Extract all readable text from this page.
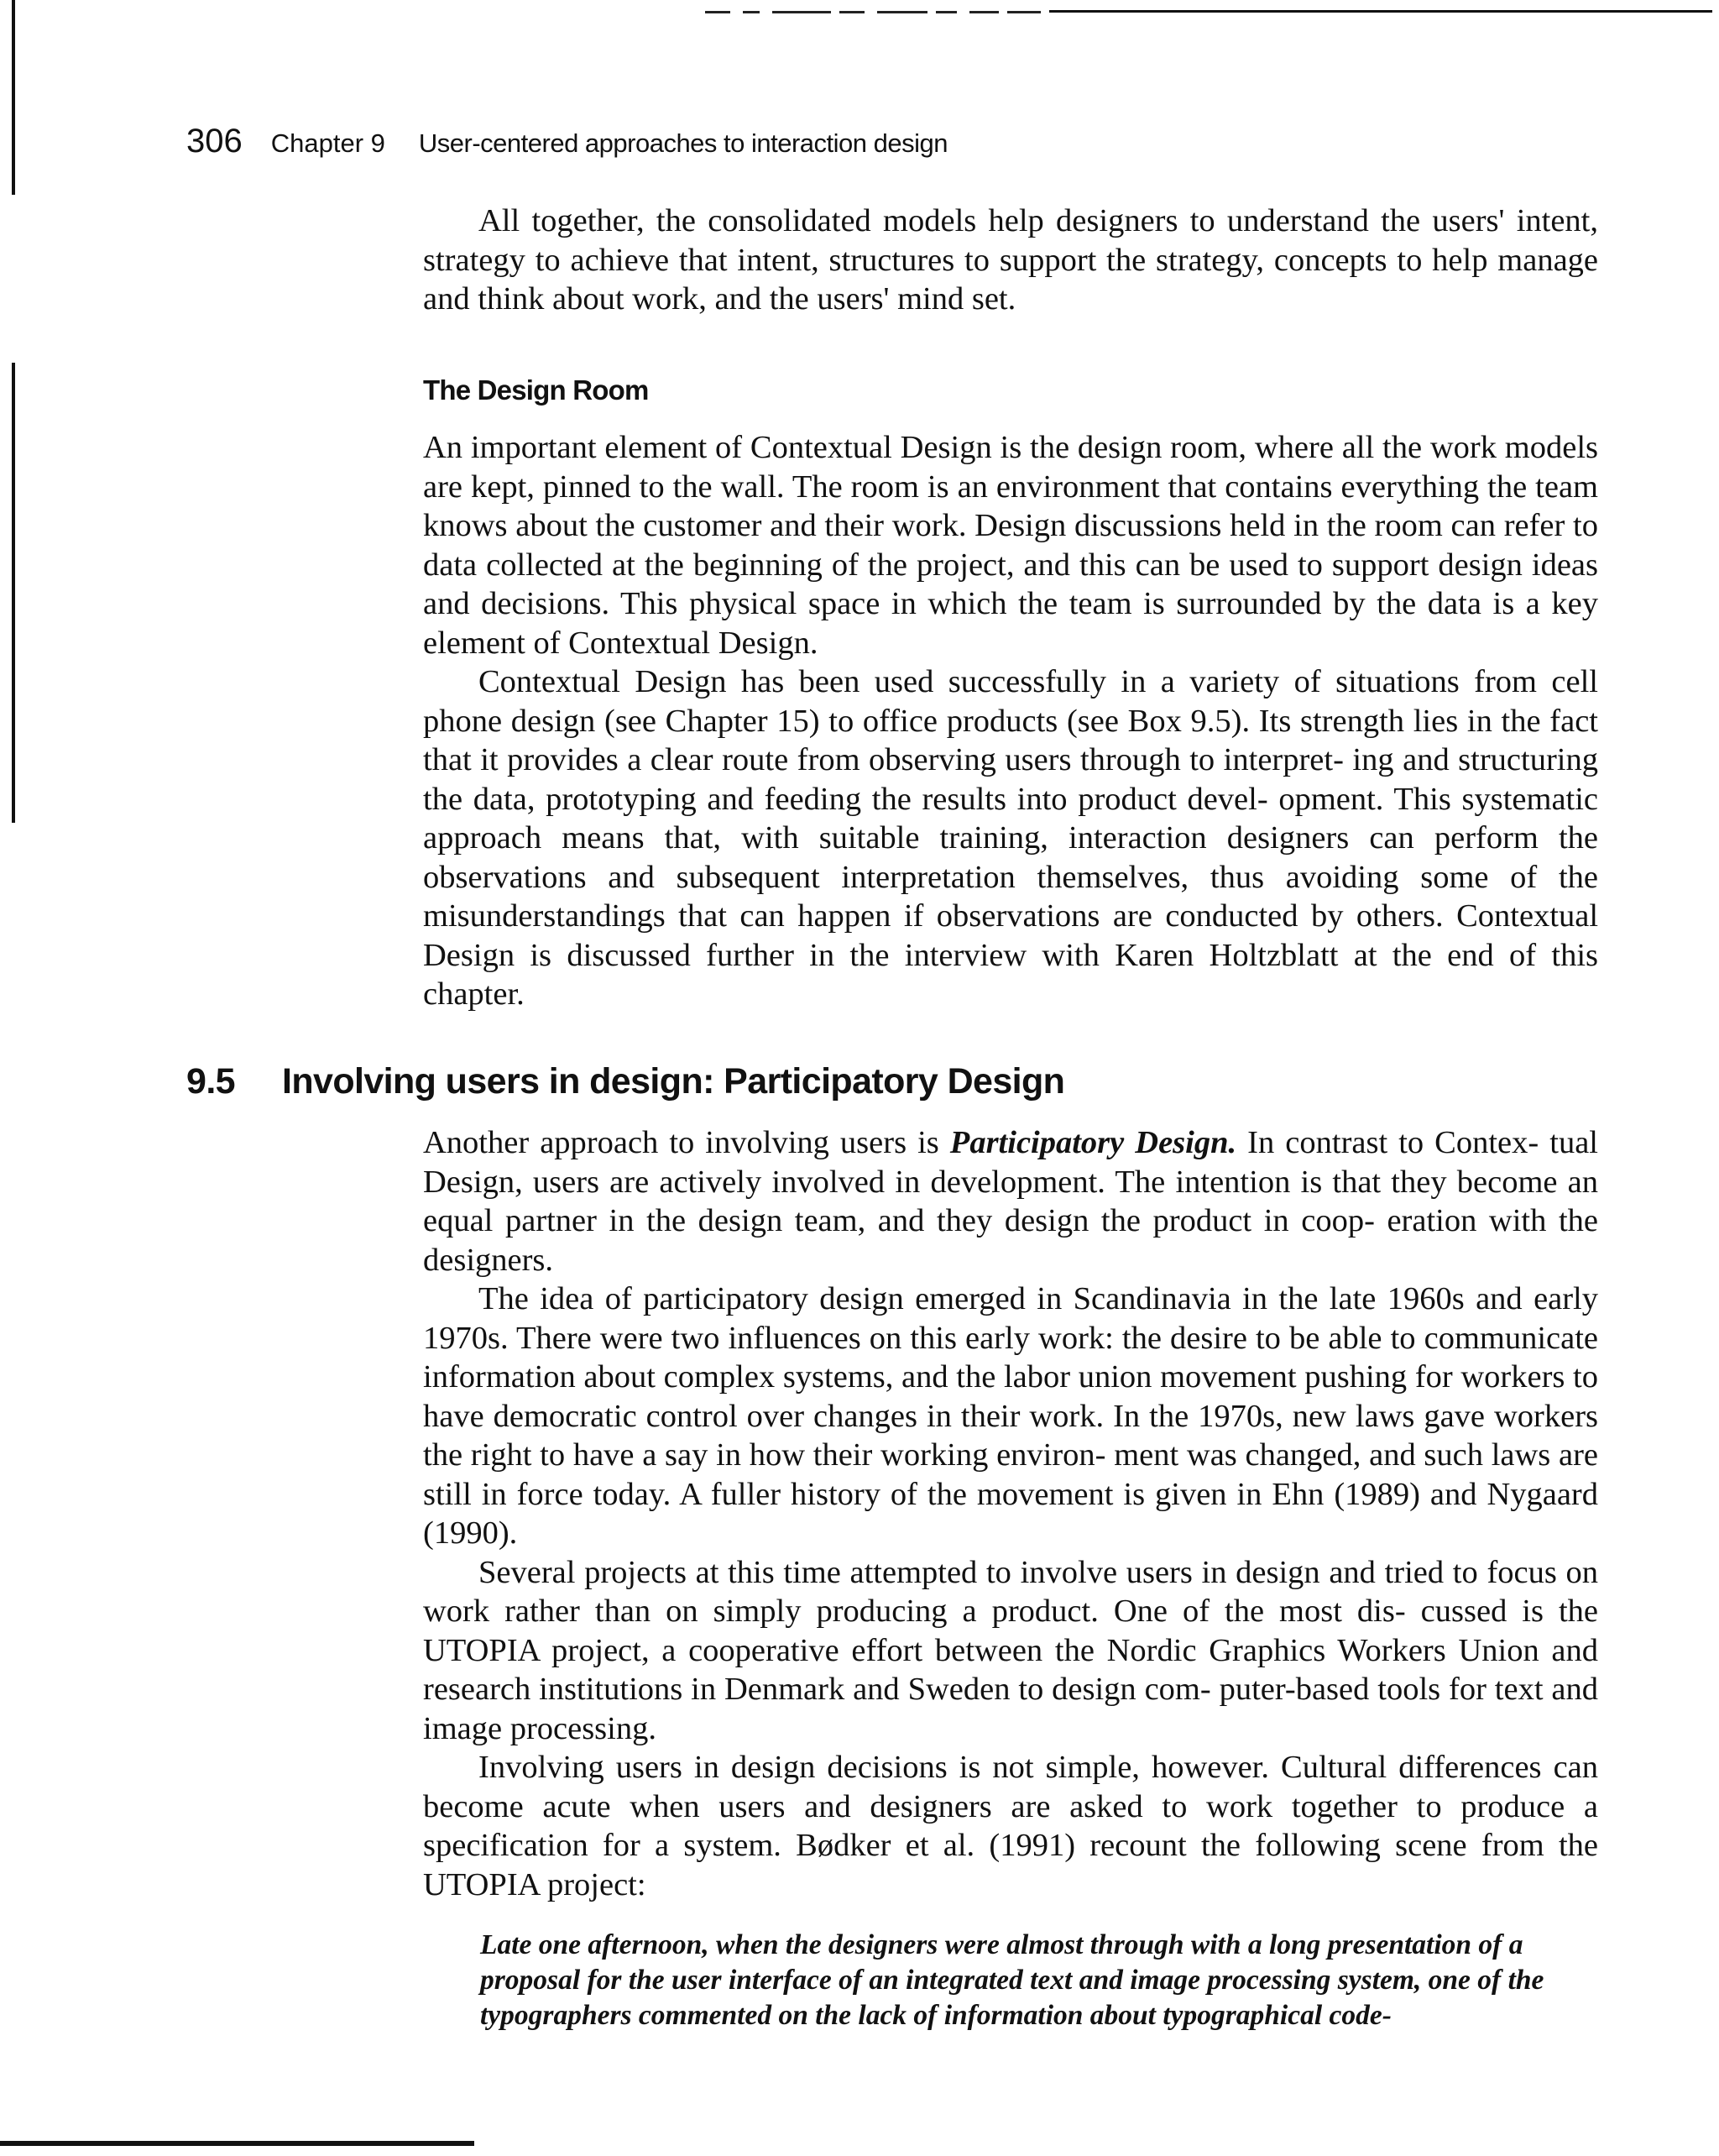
306 Chapter 9 User-centered approaches to interaction design

All together, the consolidated models help designers to understand the users' intent, strategy to achieve that intent, structures to support the strategy, concepts to help manage and think about work, and the users' mind set.

The Design Room

An important element of Contextual Design is the design room, where all the work models are kept, pinned to the wall. The room is an environment that contains everything the team knows about the customer and their work. Design discussions held in the room can refer to data collected at the beginning of the project, and this can be used to support design ideas and decisions. This physical space in which the team is surrounded by the data is a key element of Contextual Design.

Contextual Design has been used successfully in a variety of situations from cell phone design (see Chapter 15) to office products (see Box 9.5). Its strength lies in the fact that it provides a clear route from observing users through to interpret- ing and structuring the data, prototyping and feeding the results into product devel- opment. This systematic approach means that, with suitable training, interaction designers can perform the observations and subsequent interpretation themselves, thus avoiding some of the misunderstandings that can happen if observations are conducted by others. Contextual Design is discussed further in the interview with Karen Holtzblatt at the end of this chapter.

9.5	Involving users in design: Participatory Design

Another approach to involving users is Participatory Design. In contrast to Contex- tual Design, users are actively involved in development. The intention is that they become an equal partner in the design team, and they design the product in coop- eration with the designers.

The idea of participatory design emerged in Scandinavia in the late 1960s and early 1970s. There were two influences on this early work: the desire to be able to communicate information about complex systems, and the labor union movement pushing for workers to have democratic control over changes in their work. In the 1970s, new laws gave workers the right to have a say in how their working environ- ment was changed, and such laws are still in force today. A fuller history of the movement is given in Ehn (1989) and Nygaard (1990).

Several projects at this time attempted to involve users in design and tried to focus on work rather than on simply producing a product. One of the most dis- cussed is the UTOPIA project, a cooperative effort between the Nordic Graphics Workers Union and research institutions in Denmark and Sweden to design com- puter-based tools for text and image processing.

Involving users in design decisions is not simple, however. Cultural differences can become acute when users and designers are asked to work together to produce a specification for a system. Bødker et al. (1991) recount the following scene from the UTOPIA project:

Late one afternoon, when the designers were almost through with a long presentation of a proposal for the user interface of an integrated text and image processing system, one of the typographers commented on the lack of information about typographical code-
